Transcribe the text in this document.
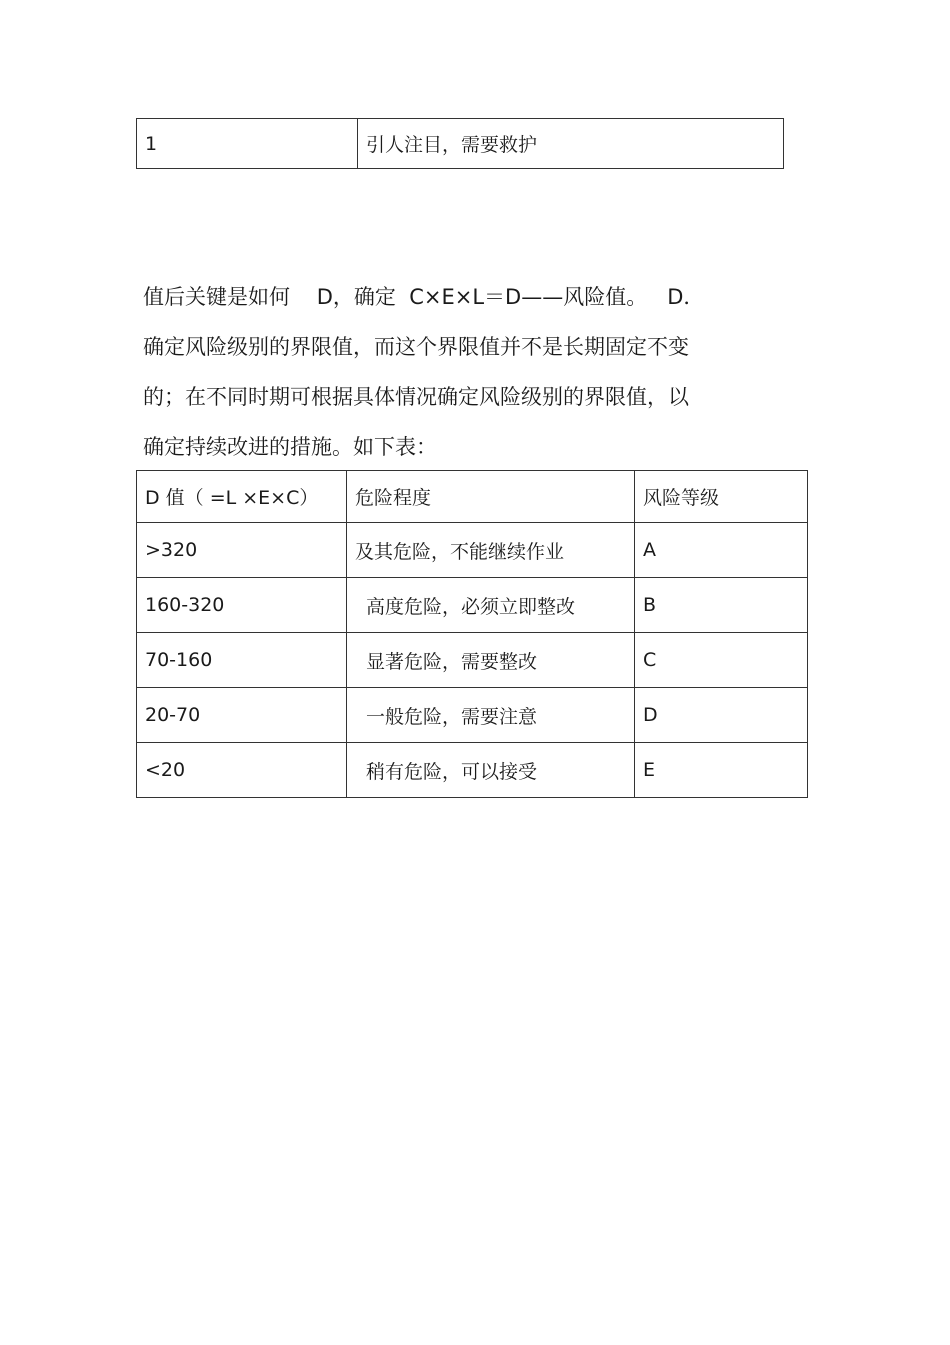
1	引人注目，需要救护

值后关键是如何    D，确定  C×E×L＝D——风险值。   D．
确定风险级别的界限值，而这个界限值并不是长期固定不变
的；在不同时期可根据具体情况确定风险级别的界限值，以
确定持续改进的措施。如下表：

D 值（ =L ×E×C）	危险程度	风险等级
>320	及其危险，不能继续作业	A
160-320	高度危险，必须立即整改	B
70-160	显著危险，需要整改	C
20-70	一般危险，需要注意	D
<20	稍有危险，可以接受	E
